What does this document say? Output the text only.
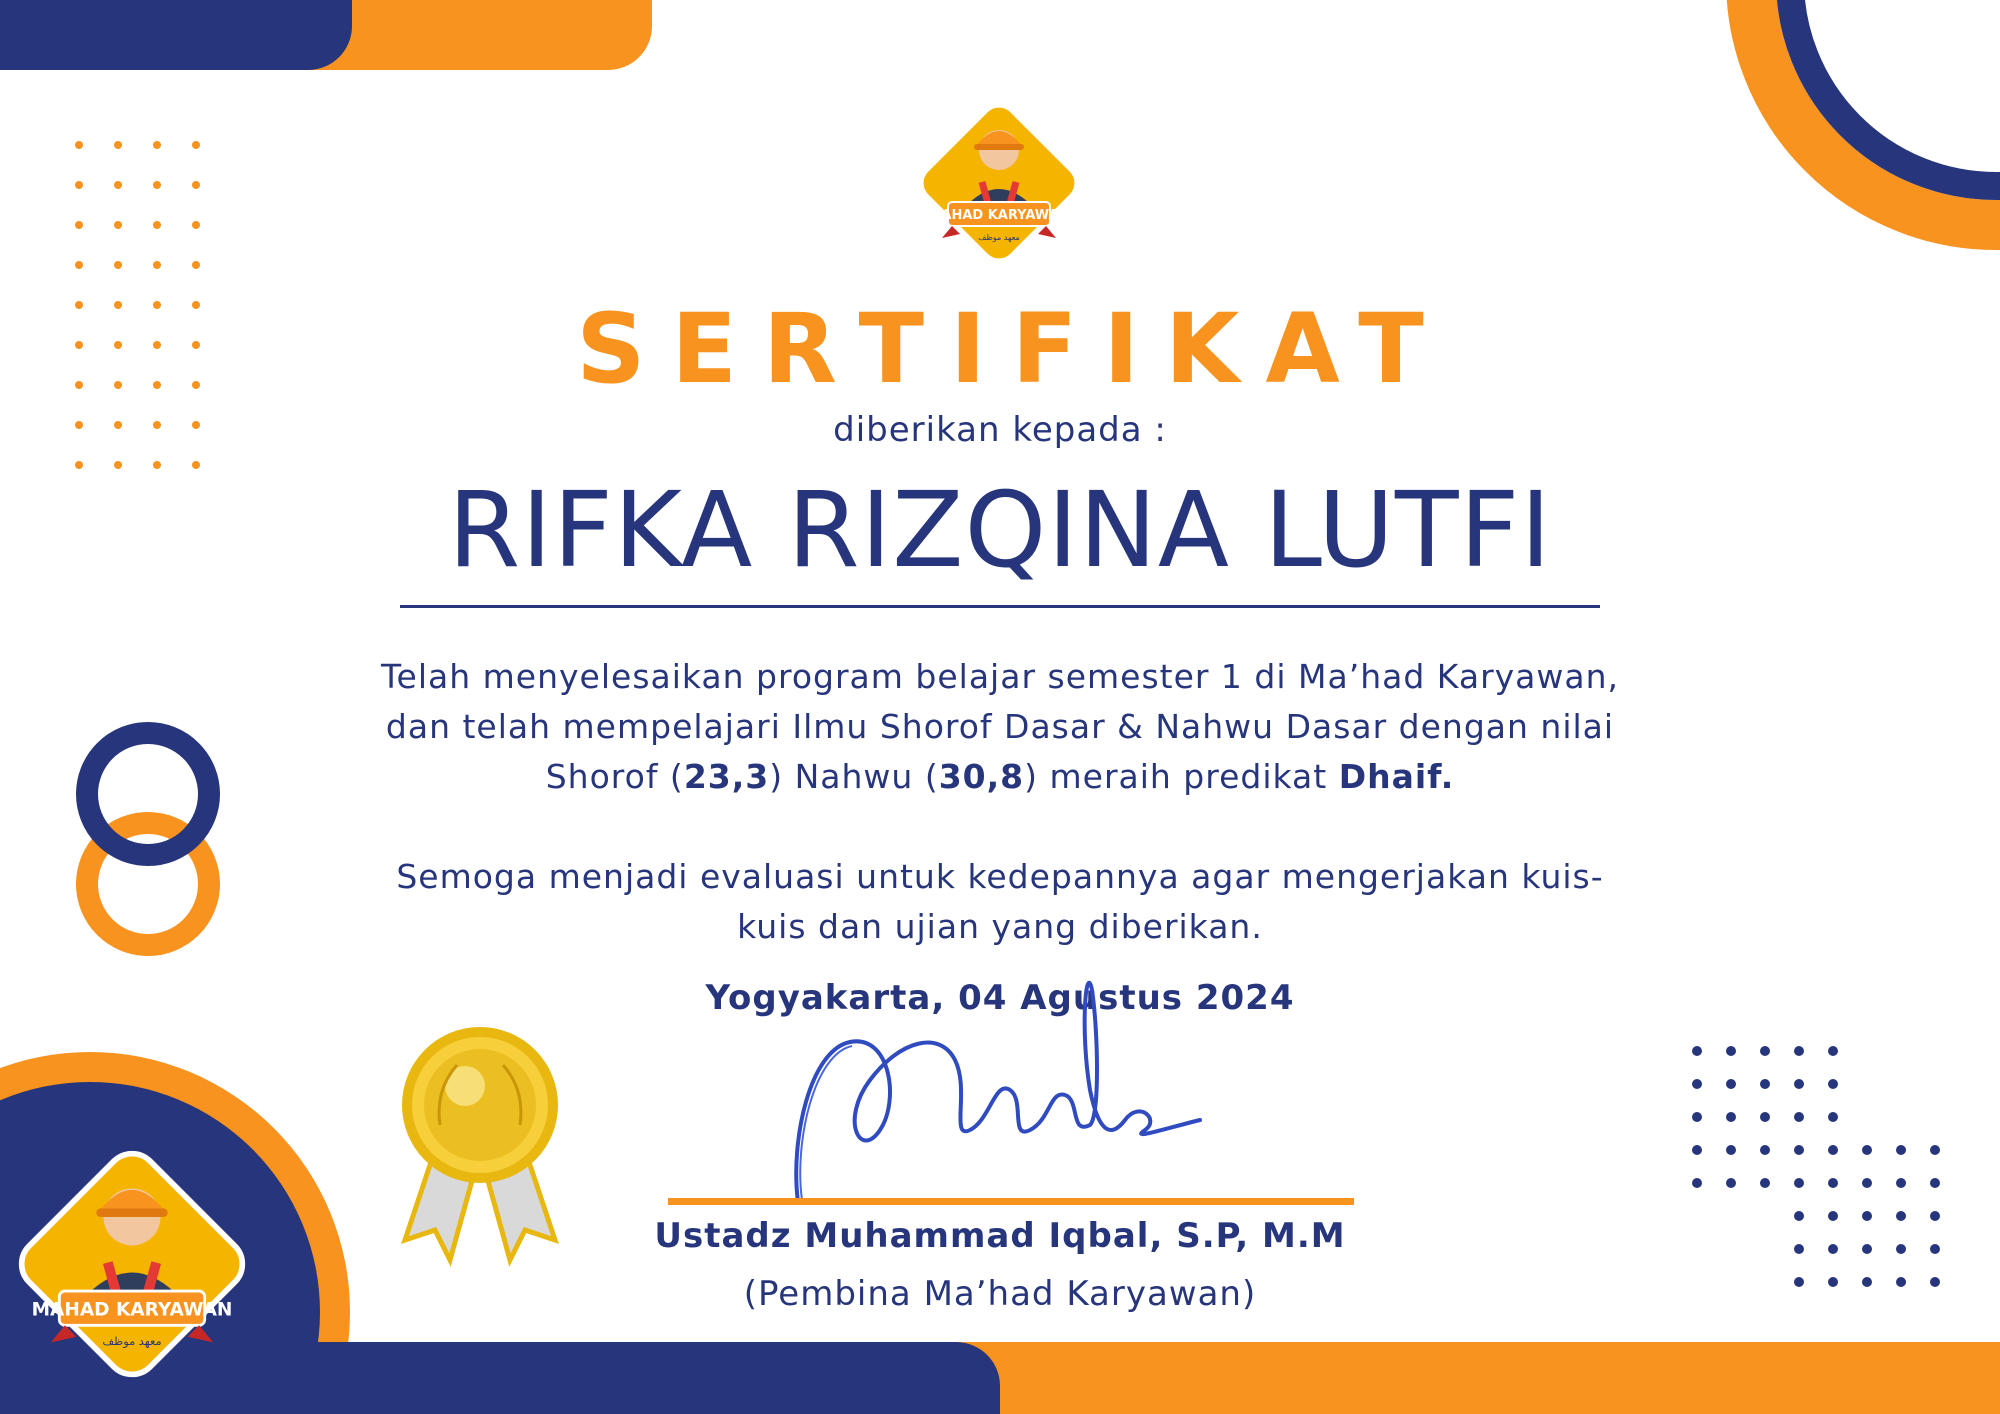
MAHAD KARYAWAN
معهد موظف
MAHAD KARYAWAN
معهد موظف
SERTIFIKAT
diberikan kepada :
RIFKA RIZQINA LUTFI
Telah menyelesaikan program belajar semester 1 di Ma’had Karyawan,
dan telah mempelajari Ilmu Shorof Dasar & Nahwu Dasar dengan nilai
Shorof (23,3) Nahwu (30,8) meraih predikat Dhaif.
Semoga menjadi evaluasi untuk kedepannya agar mengerjakan kuis-
kuis dan ujian yang diberikan.
Yogyakarta, 04 Agustus 2024
Ustadz Muhammad Iqbal, S.P, M.M
(Pembina Ma’had Karyawan)
